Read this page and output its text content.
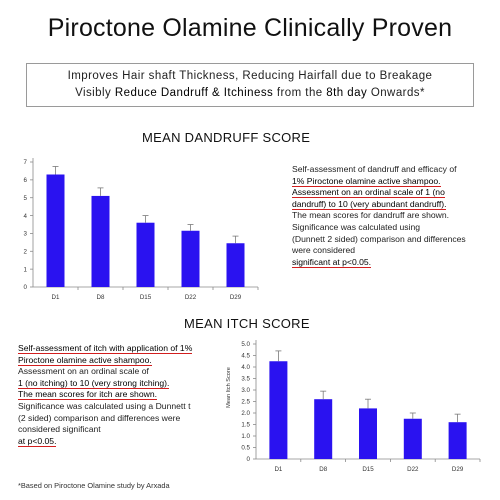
Piroctone Olamine Clinically Proven
Improves Hair shaft Thickness, Reducing Hairfall due to Breakage
Visibly Reduce Dandruff & Itchiness from the 8th day Onwards*
MEAN DANDRUFF SCORE
0
1
2
3
4
5
6
7
D1	D8	D15	D22	D29
Self-assessment of dandruff and efficacy of
1% Piroctone olamine active shampoo.
Assessment on an ordinal scale of 1 (no
dandruff) to 10 (very abundant dandruff).
The mean scores for dandruff are shown.
Significance was calculated using
(Dunnett 2 sided) comparison and differences
were considered
significant at p<0.05.
MEAN ITCH SCORE
Self-assessment of itch with application of 1%
Piroctone olamine active shampoo.
Assessment on an ordinal scale of
1 (no itching) to 10 (very strong itching).
The mean scores for itch are shown.
Significance was calculated using a Dunnett t
(2 sided) comparison and differences were
considered significant
at p<0.05.
0
0.5
1.0
1.5
2.0
2.5
3.0
3.5
4.0
4.5
5.0
Mean Itch Score
D1	D8	D15	D22	D29
*Based on Piroctone Olamine study by Arxada
